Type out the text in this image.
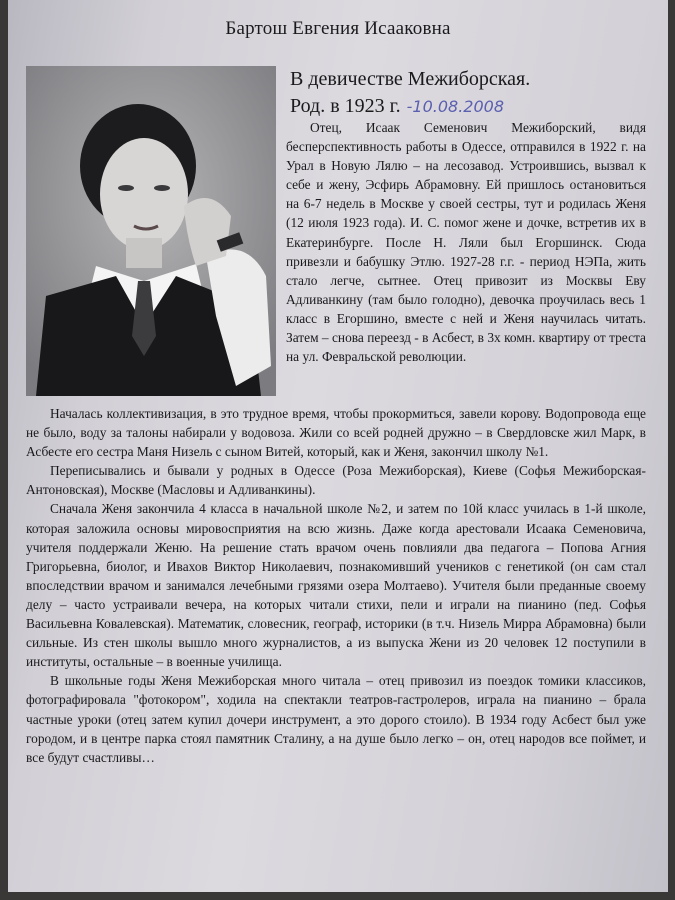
Бартош Евгения Исааковна
В девичестве Межиборская.
Род. в 1923 г. -10.08.2008

Отец, Исаак Семенович Межиборский, видя бесперспективность работы в Одессе, отправился в 1922 г. на Урал в Новую Лялю – на лесозавод. Устроившись, вызвал к себе и жену, Эсфирь Абрамовну. Ей пришлось остановиться на 6-7 недель в Москве у своей сестры, тут и родилась Женя (12 июля 1923 года). И. С. помог жене и дочке, встретив их в Екатеринбурге. После Н. Ляли был Егоршинск. Сюда привезли и бабушку Этлю. 1927-28 г.г. - период НЭПа, жить стало легче, сытнее. Отец привозит из Москвы Еву Адливанкину (там было голодно), девочка проучилась весь 1 класс в Егоршино, вместе с ней и Женя научилась читать. Затем – снова переезд - в Асбест, в 3х комн. квартиру от треста на ул. Февральской революции.

Началась коллективизация, в это трудное время, чтобы прокормиться, завели корову. Водопровода еще не было, воду за талоны набирали у водовоза. Жили со всей родней дружно – в Свердловске жил Марк, в Асбесте его сестра Маня Низель с сыном Витей, который, как и Женя, закончил школу №1.

Переписывались и бывали у родных в Одессе (Роза Межиборская), Киеве (Софья Межиборская-Антоновская), Москве (Масловы и Адливанкины).

Сначала Женя закончила 4 класса в начальной школе №2, и затем по 10й класс училась в 1-й школе, которая заложила основы мировосприятия на всю жизнь. Даже когда арестовали Исаака Семеновича, учителя поддержали Женю. На решение стать врачом очень повлияли два педагога – Попова Агния Григорьевна, биолог, и Ивахов Виктор Николаевич, познакомивший учеников с генетикой (он сам стал впоследствии врачом и занимался лечебными грязями озера Молтаево). Учителя были преданные своему делу – часто устраивали вечера, на которых читали стихи, пели и играли на пианино (пед. Софья Васильевна Ковалевская). Математик, словесник, географ, историки (в т.ч. Низель Мирра Абрамовна) были сильные. Из стен школы вышло много журналистов, а из выпуска Жени из 20 человек 12 поступили в институты, остальные – в военные училища.

В школьные годы Женя Межиборская много читала – отец привозил из поездок томики классиков, фотографировала "фотокором", ходила на спектакли театров-гастролеров, играла на пианино – брала частные уроки (отец затем купил дочери инструмент, а это дорого стоило). В 1934 году Асбест был уже городом, и в центре парка стоял памятник Сталину, а на душе было легко – он, отец народов все поймет, и все будут счастливы…
